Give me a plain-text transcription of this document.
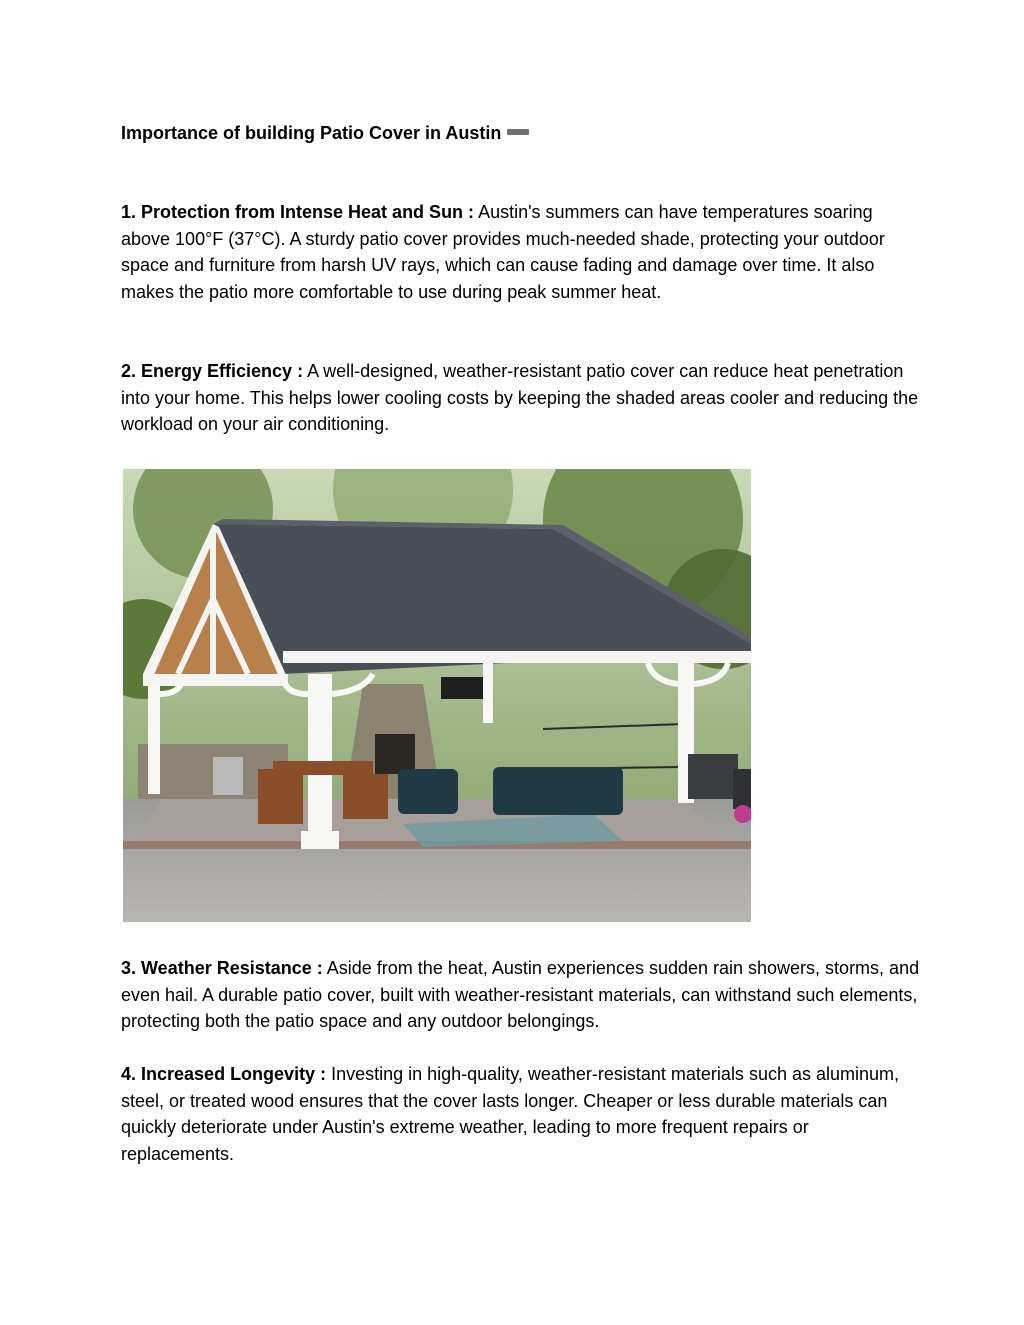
Importance of building Patio Cover in Austin

1. Protection from Intense Heat and Sun : Austin's summers can have temperatures soaring above 100°F (37°C). A sturdy patio cover provides much-needed shade, protecting your outdoor space and furniture from harsh UV rays, which can cause fading and damage over time. It also makes the patio more comfortable to use during peak summer heat.

2. Energy Efficiency : A well-designed, weather-resistant patio cover can reduce heat penetration into your home. This helps lower cooling costs by keeping the shaded areas cooler and reducing the workload on your air conditioning.

3. Weather Resistance : Aside from the heat, Austin experiences sudden rain showers, storms, and even hail. A durable patio cover, built with weather-resistant materials, can withstand such elements, protecting both the patio space and any outdoor belongings.

4. Increased Longevity : Investing in high-quality, weather-resistant materials such as aluminum, steel, or treated wood ensures that the cover lasts longer. Cheaper or less durable materials can quickly deteriorate under Austin's extreme weather, leading to more frequent repairs or replacements.
